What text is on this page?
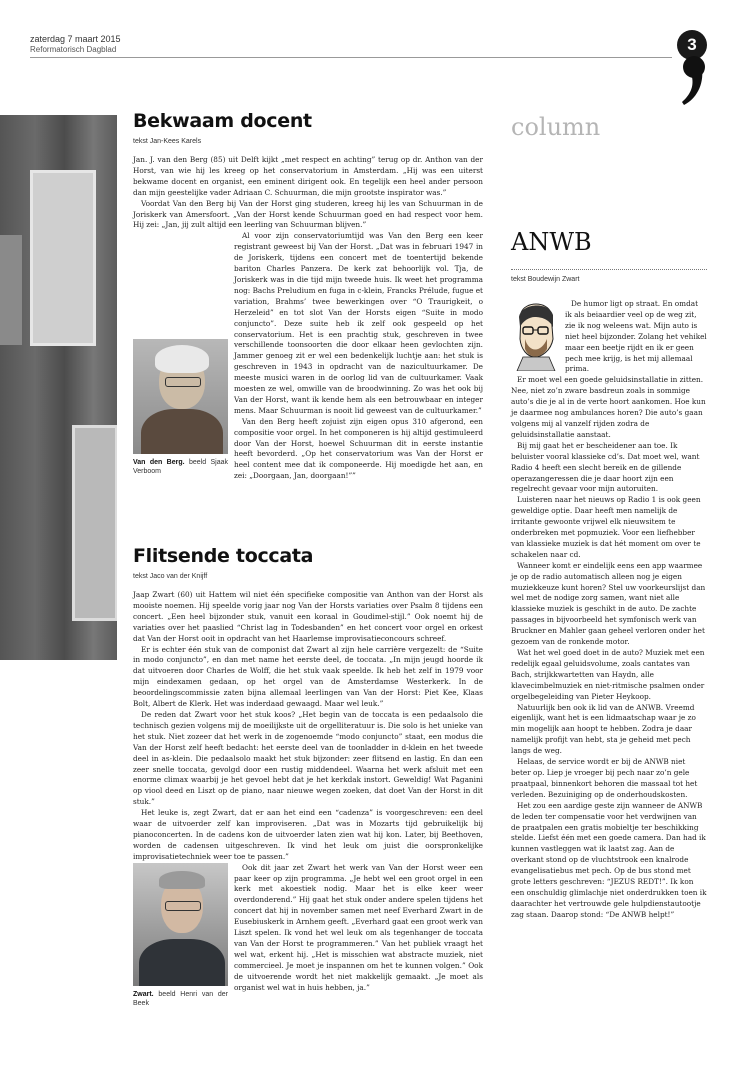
zaterdag 7 maart 2015
Reformatorisch Dagblad	3
Bekwaam docent
tekst Jan-Kees Karels

Jan. J. van den Berg (85) uit Delft kijkt „met respect en achting” terug op dr. Anthon van der Horst, van wie hij les kreeg op het conservatorium in Amsterdam. „Hij was een uiterst bekwame docent en organist, een eminent dirigent ook. En tegelijk een heel ander persoon dan mijn geestelijke vader Adriaan C. Schuurman, die mijn grootste inspirator was.”

Voordat Van den Berg bij Van der Horst ging studeren, kreeg hij les van Schuurman in de Joriskerk van Amersfoort. „Van der Horst kende Schuurman goed en had respect voor hem. Hij zei: „Jan, jij zult altijd een leerling van Schuurman blijven.”

Van den Berg. beeld Sjaak Verboom

Al voor zijn conservatoriumtijd was Van den Berg een keer registrant geweest bij Van der Horst. „Dat was in februari 1947 in de Joriskerk, tijdens een concert met de toentertijd bekende bariton Charles Panzera. De kerk zat behoorlijk vol. Tja, de Joriskerk was in die tijd mijn tweede huis. Ik weet het programma nog: Bachs Preludium en fuga in c-klein, Francks Prélude, fugue et variation, Brahms’ twee bewerkingen over “O Traurigkeit, o Herzeleid” en tot slot Van der Horsts eigen “Suite in modo conjuncto”. Deze suite heb ik zelf ook gespeeld op het conservatorium. Het is een prachtig stuk, geschreven in twee verschillende toonsoorten die door elkaar heen gevlochten zijn. Jammer genoeg zit er wel een bedenkelijk luchtje aan: het stuk is geschreven in 1943 in opdracht van de nazicultuurkamer. De meeste musici waren in de oorlog lid van de cultuurkamer. Vaak moesten ze wel, omwille van de broodwinning. Zo was het ook bij Van der Horst, want ik kende hem als een betrouwbaar en integer mens. Maar Schuurman is nooit lid geweest van de cultuurkamer.”

Van den Berg heeft zojuist zijn eigen opus 310 afgerond, een compositie voor orgel. In het componeren is hij altijd gestimuleerd door Van der Horst, hoewel Schuurman dit in eerste instantie heeft bevorderd. „Op het conservatorium was Van der Horst er heel content mee dat ik componeerde. Hij moedigde het aan, en zei: „Doorgaan, Jan, doorgaan!””

Flitsende toccata
tekst Jaco van der Knijff

Jaap Zwart (60) uit Hattem wil niet één specifieke compositie van Anthon van der Horst als mooiste noemen. Hij speelde vorig jaar nog Van der Horsts variaties over Psalm 8 tijdens een concert. „Een heel bijzonder stuk, vanuit een koraal in Goudimel-stijl.” Ook noemt hij de variaties over het paaslied “Christ lag in Todesbanden” en het concert voor orgel en orkest dat Van der Horst ooit in opdracht van het Haarlemse improvisatieconcours schreef.

Er is echter één stuk van de componist dat Zwart al zijn hele carrière vergezelt: de “Suite in modo conjuncto”, en dan met name het eerste deel, de toccata. „In mijn jeugd hoorde ik dat uitvoeren door Charles de Wolff, die het stuk vaak speelde. Ik heb het zelf in 1979 voor mijn eindexamen gedaan, op het orgel van de Amsterdamse Westerkerk. In de beoordelingscommissie zaten bijna allemaal leerlingen van Van der Horst: Piet Kee, Klaas Bolt, Albert de Klerk. Het was inderdaad gewaagd. Maar wel leuk.”

De reden dat Zwart voor het stuk koos? „Het begin van de toccata is een pedaalsolo die technisch gezien volgens mij de moeilijkste uit de orgelliteratuur is. Die solo is het unieke van het stuk. Niet zozeer dat het werk in de zogenoemde “modo conjuncto” staat, een modus die Van der Horst zelf heeft bedacht: het eerste deel van de toonladder in d-klein en het tweede deel in as-klein. Die pedaalsolo maakt het stuk bijzonder: zeer flitsend en lastig. En dan een zeer snelle toccata, gevolgd door een rustig middendeel. Waarna het werk afsluit met een enorme climax waarbij je het gevoel hebt dat je het kerkdak instort. Geweldig! Wat Paganini op viool deed en Liszt op de piano, naar nieuwe wegen zoeken, dat doet Van der Horst in dit stuk.”

Het leuke is, zegt Zwart, dat er aan het eind een “cadenza” is voorgeschreven: een deel waar de uitvoerder zelf kan improviseren. „Dat was in Mozarts tijd gebruikelijk bij pianoconcerten. In de cadens kon de uitvoerder laten zien wat hij kon. Later, bij Beethoven, worden de cadensen uitgeschreven. Ik vind het leuk om juist die oorspronkelijke improvisatietechniek weer toe te passen.”

Zwart. beeld Henri van der Beek

Ook dit jaar zet Zwart het werk van Van der Horst weer een paar keer op zijn programma. „Je hebt wel een groot orgel in een kerk met akoestiek nodig. Maar het is elke keer weer overdonderend.” Hij gaat het stuk onder andere spelen tijdens het concert dat hij in november samen met neef Everhard Zwart in de Eusebiuskerk in Arnhem geeft. „Everhard gaat een groot werk van Liszt spelen. Ik vond het wel leuk om als tegenhanger de toccata van Van der Horst te programmeren.” Van het publiek vraagt het wel wat, erkent hij. „Het is misschien wat abstracte muziek, niet commercieel. Je moet je inspannen om het te kunnen volgen.” Ook de uitvoerende wordt het niet makkelijk gemaakt. „Je moet als organist wel wat in huis hebben, ja.”

column
ANWB
tekst Boudewijn Zwart

De humor ligt op straat. En omdat ik als beiaardier veel op de weg zit, zie ik nog weleens wat. Mijn auto is niet heel bijzonder. Zolang het vehikel maar een beetje rijdt en ik er geen pech mee krijg, is het mij allemaal prima.

Er moet wel een goede geluidsinstallatie in zitten. Nee, niet zo’n zware basdreun zoals in sommige auto’s die je al in de verte hoort aankomen. Hoe kun je daarmee nog ambulances horen? Die auto’s gaan volgens mij al vanzelf rijden zodra de geluidsinstallatie aanstaat.

Bij mij gaat het er bescheidener aan toe. Ik beluister vooral klassieke cd’s. Dat moet wel, want Radio 4 heeft een slecht bereik en de gillende operazangeressen die je daar hoort zijn een regelrecht gevaar voor mijn autoruiten.

Luisteren naar het nieuws op Radio 1 is ook geen geweldige optie. Daar heeft men namelijk de irritante gewoonte vrijwel elk nieuwsitem te onderbreken met popmuziek. Voor een liefhebber van klassieke muziek is dat hét moment om over te schakelen naar cd.

Wanneer komt er eindelijk eens een app waarmee je op de radio automatisch alleen nog je eigen muziekkeuze kunt horen? Stel uw voorkeurslijst dan wel met de nodige zorg samen, want niet alle klassieke muziek is geschikt in de auto. De zachte passages in bijvoorbeeld het symfonisch werk van Bruckner en Mahler gaan geheel verloren onder het gezoem van de ronkende motor.

Wat het wel goed doet in de auto? Muziek met een redelijk egaal geluidsvolume, zoals cantates van Bach, strijkkwartetten van Haydn, alle klavecimbelmuziek en niet-ritmische psalmen onder orgelbegeleiding van Pieter Heykoop.

Natuurlijk ben ook ik lid van de ANWB. Vreemd eigenlijk, want het is een lidmaatschap waar je zo min mogelijk aan hoopt te hebben. Zodra je daar namelijk profijt van hebt, sta je geheid met pech langs de weg.

Helaas, de service wordt er bij de ANWB niet beter op. Liep je vroeger bij pech naar zo’n gele praatpaal, binnenkort behoren die massaal tot het verleden. Bezuiniging op de onderhoudskosten.

Het zou een aardige geste zijn wanneer de ANWB de leden ter compensatie voor het verdwijnen van de praatpalen een gratis mobieltje ter beschikking stelde. Liefst één met een goede camera. Dan had ik kunnen vastleggen wat ik laatst zag. Aan de overkant stond op de vluchtstrook een knalrode evangelisatiebus met pech. Op de bus stond met grote letters geschreven: “JEZUS REDT!”. Ik kon een onschuldig glimlachje niet onderdrukken toen ik daarachter het vertrouwde gele hulpdienstautootje zag staan. Daarop stond: “De ANWB helpt!”
